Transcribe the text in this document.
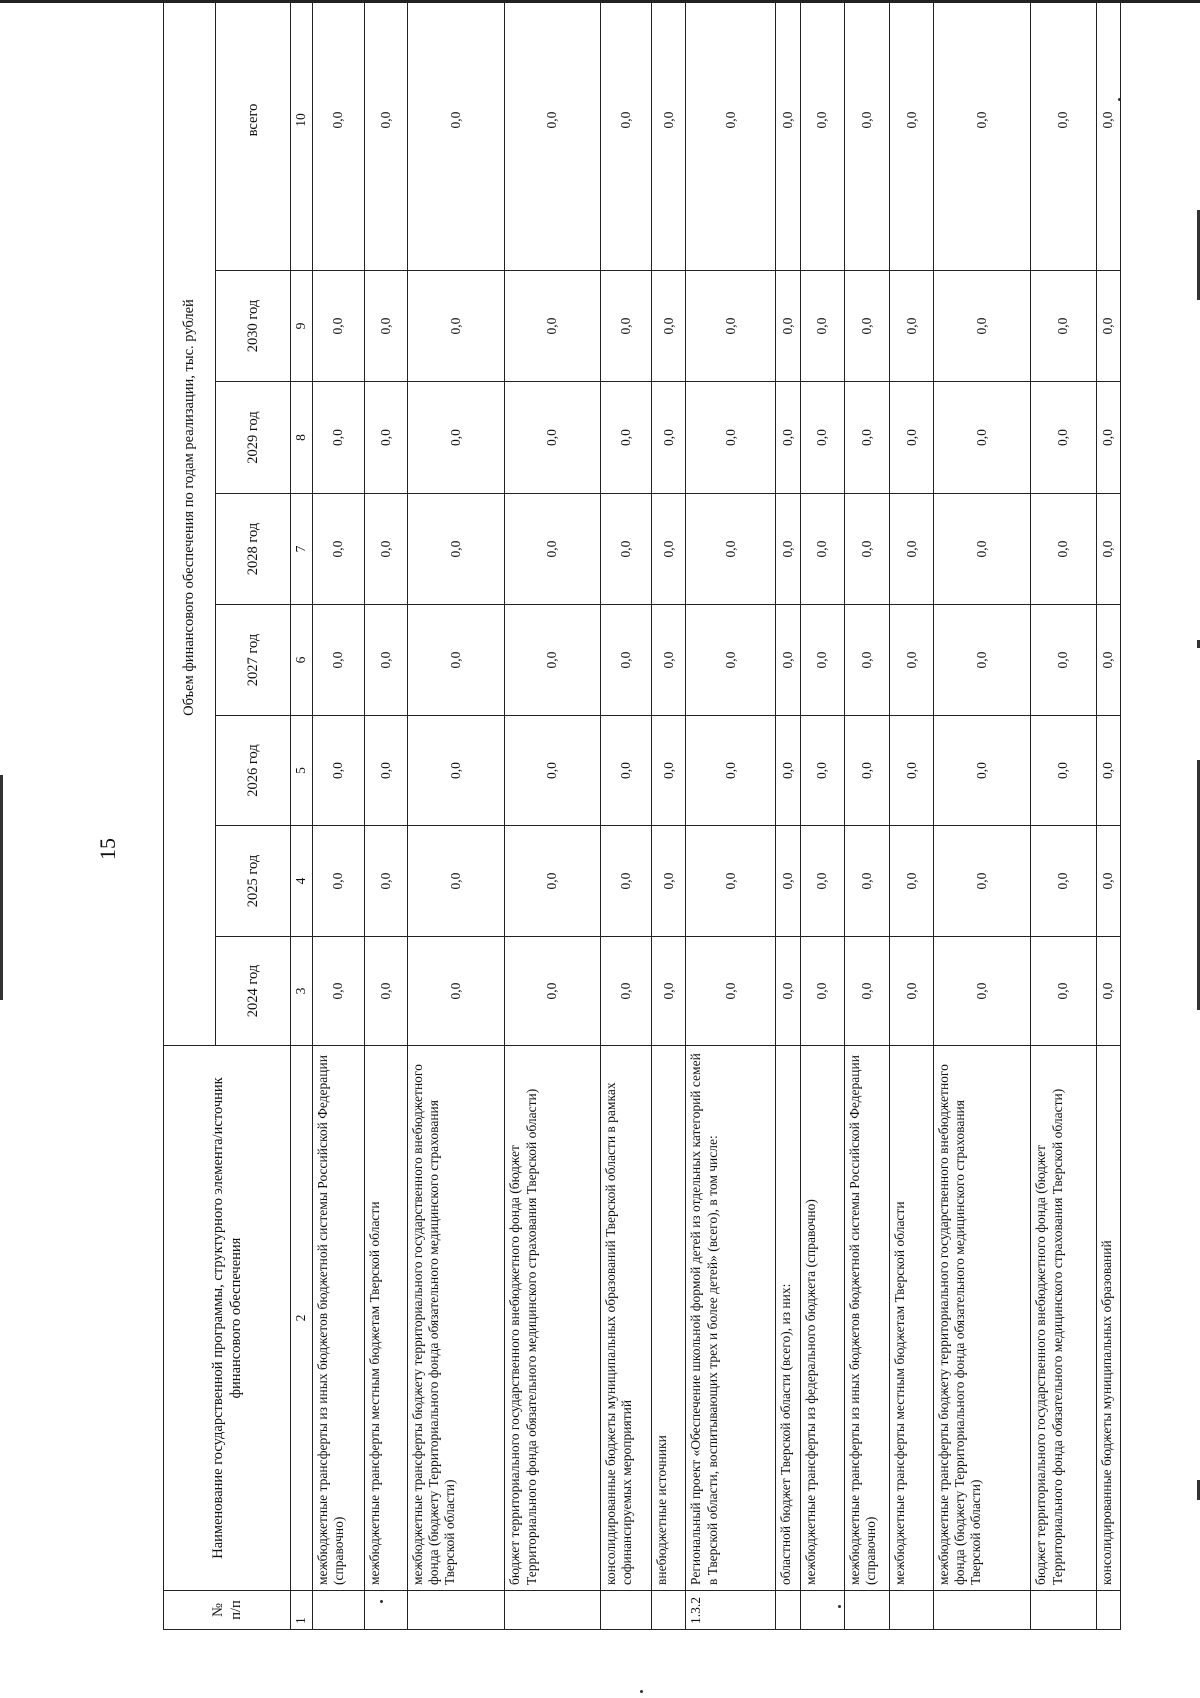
15
№ п/п	Наименование государственной программы, структурного элемента/источник финансового обеспечения	Объем финансового обеспечения по годам реализации, тыс. рублей							
		2024 год	2025 год	2026 год	2027 год	2028 год	2029 год	2030 год	всего
1	2	3	4	5	6	7	8	9	10
	межбюджетные трансферты из иных бюджетов бюджетной системы Российской Федерации (справочно)	0,0	0,0	0,0	0,0	0,0	0,0	0,0	0,0
	межбюджетные трансферты местным бюджетам Тверской области	0,0	0,0	0,0	0,0	0,0	0,0	0,0	0,0
	межбюджетные трансферты бюджету территориального государственного внебюджетного фонда (бюджету Территориального фонда обязательного медицинского страхования Тверской области)	0,0	0,0	0,0	0,0	0,0	0,0	0,0	0,0
	бюджет территориального государственного внебюджетного фонда (бюджет Территориального фонда обязательного медицинского страхования Тверской области)	0,0	0,0	0,0	0,0	0,0	0,0	0,0	0,0
	консолидированные бюджеты муниципальных образований Тверской области в рамках софинансируемых мероприятий	0,0	0,0	0,0	0,0	0,0	0,0	0,0	0,0
	внебюджетные источники	0,0	0,0	0,0	0,0	0,0	0,0	0,0	0,0
1.3.2	Региональный проект «Обеспечение школьной формой детей из отдельных категорий семей в Тверской области, воспитывающих трех и более детей» (всего), в том числе:	0,0	0,0	0,0	0,0	0,0	0,0	0,0	0,0
	областной бюджет Тверской области (всего), из них:	0,0	0,0	0,0	0,0	0,0	0,0	0,0	0,0
	межбюджетные трансферты из федерального бюджета (справочно)	0,0	0,0	0,0	0,0	0,0	0,0	0,0	0,0
	межбюджетные трансферты из иных бюджетов бюджетной системы Российской Федерации (справочно)	0,0	0,0	0,0	0,0	0,0	0,0	0,0	0,0
	межбюджетные трансферты местным бюджетам Тверской области	0,0	0,0	0,0	0,0	0,0	0,0	0,0	0,0
	межбюджетные трансферты бюджету территориального государственного внебюджетного фонда (бюджету Территориального фонда обязательного медицинского страхования Тверской области)	0,0	0,0	0,0	0,0	0,0	0,0	0,0	0,0
	бюджет территориального государственного внебюджетного фонда (бюджет Территориального фонда обязательного медицинского страхования Тверской области)	0,0	0,0	0,0	0,0	0,0	0,0	0,0	0,0
	консолидированные бюджеты муниципальных образований	0,0	0,0	0,0	0,0	0,0	0,0	0,0	0,0
